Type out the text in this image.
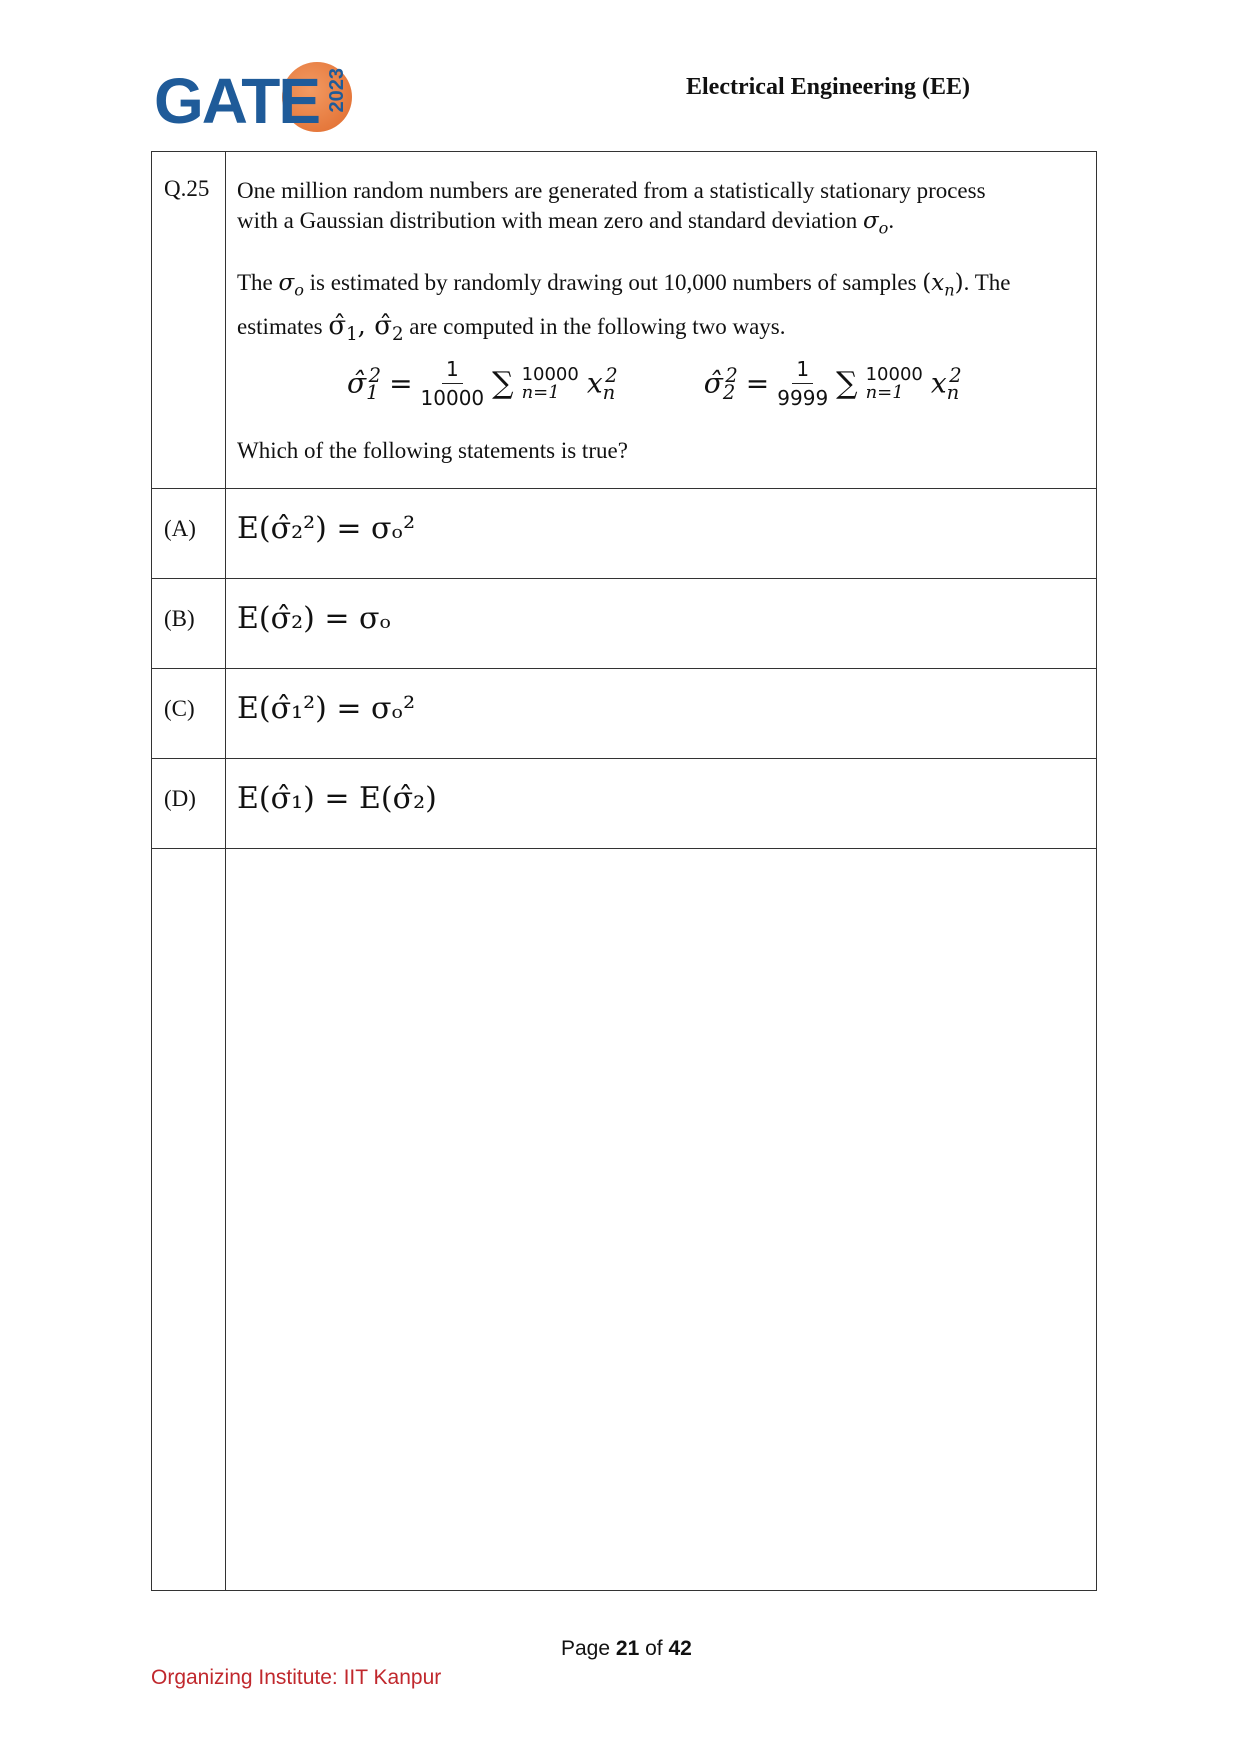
GATE 2023	Electrical Engineering (EE)
Q.25 One million random numbers are generated from a statistically stationary process

with a Gaussian distribution with mean zero and standard deviation $\sigma_o$.

The $\sigma_o$ is estimated by randomly drawing out 10,000 numbers of samples $(x_n)$. The

estimates $\sigmâ_1$, $\sigmâ_2$ are computed in the following two ways.

$\sigmâ_1^2 = \frac{1}{10000}$ ∑ 10000
n=1 $x_n^2$	$\sigmâ_2^2 = \frac{1}{9999}$ ∑ 10000
n=1 $x_n^2$
Which of the following statements is true?
(A) E(σ̂₂²) = σₒ²
(B) E(σ̂₂) = σₒ
(C) E(σ̂₁²) = σₒ²
(D) E(σ̂₁) = E(σ̂₂)
Page 21 of 42
Organizing Institute: IIT Kanpur
